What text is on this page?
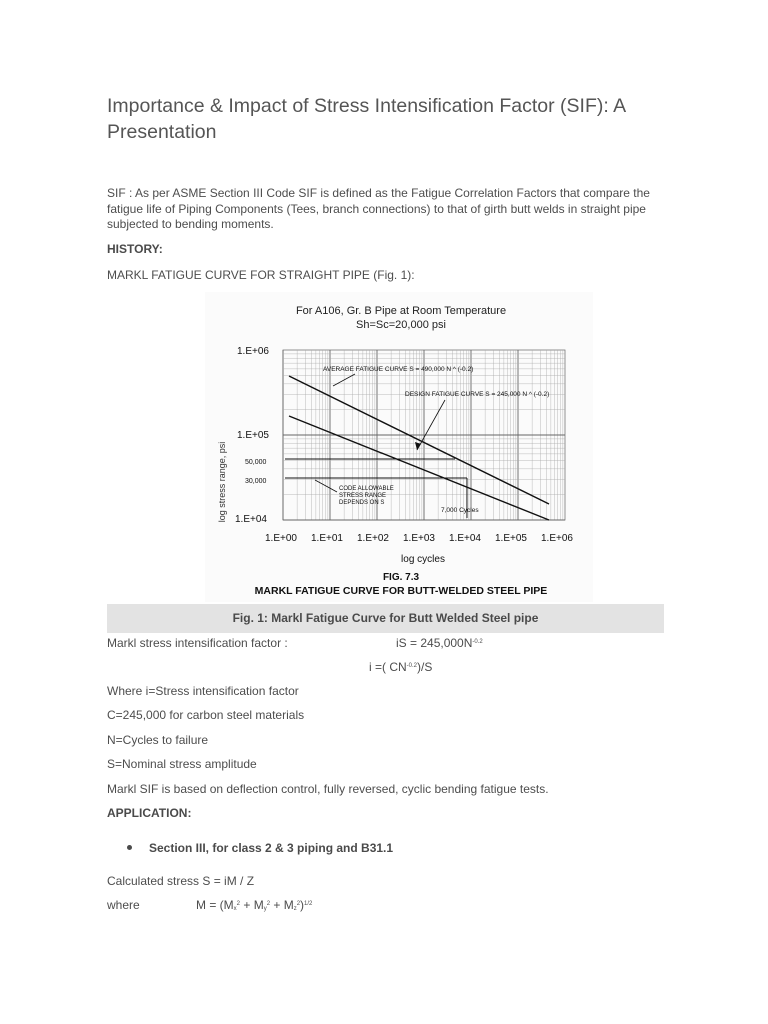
Importance & Impact of Stress Intensification Factor (SIF): A Presentation

SIF : As per ASME Section III Code SIF is defined as the Fatigue Correlation Factors that compare the fatigue life of Piping Components (Tees, branch connections) to that of girth butt welds in straight pipe subjected to bending moments.

HISTORY:

MARKL FATIGUE CURVE FOR STRAIGHT PIPE (Fig. 1):

For A106, Gr. B Pipe at Room Temperature
Sh=Sc=20,000 psi
log stress range, psi
1.E+06
1.E+05
50,000
30,000
1.E+04
1.E+00 1.E+01 1.E+02 1.E+03 1.E+04 1.E+05 1.E+06
log cycles
AVERAGE FATIGUE CURVE S = 490,000 N ^ (-0.2)
DESIGN FATIGUE CURVE S = 245,000 N ^ (-0.2)
CODE ALLOWABLE
STRESS RANGE
DEPENDS ON S
7,000 Cycles
FIG. 7.3
MARKL FATIGUE CURVE FOR BUTT-WELDED STEEL PIPE
Fig. 1: Markl Fatigue Curve for Butt Welded Steel pipe

Markl stress intensification factor :	iS = $245,000N^{-0.2}$

i =( $CN^{-0.2})/S$

Where i=Stress intensification factor

C=245,000 for carbon steel materials

N=Cycles to failure

S=Nominal stress amplitude

Markl SIF is based on deflection control, fully reversed, cyclic bending fatigue tests.

APPLICATION:

Section III, for class 2 & 3 piping and B31.1

Calculated stress S = iM / Z

where	$M = (M_x^2 + M_y^2 + M_z^2)^{1/2}$
